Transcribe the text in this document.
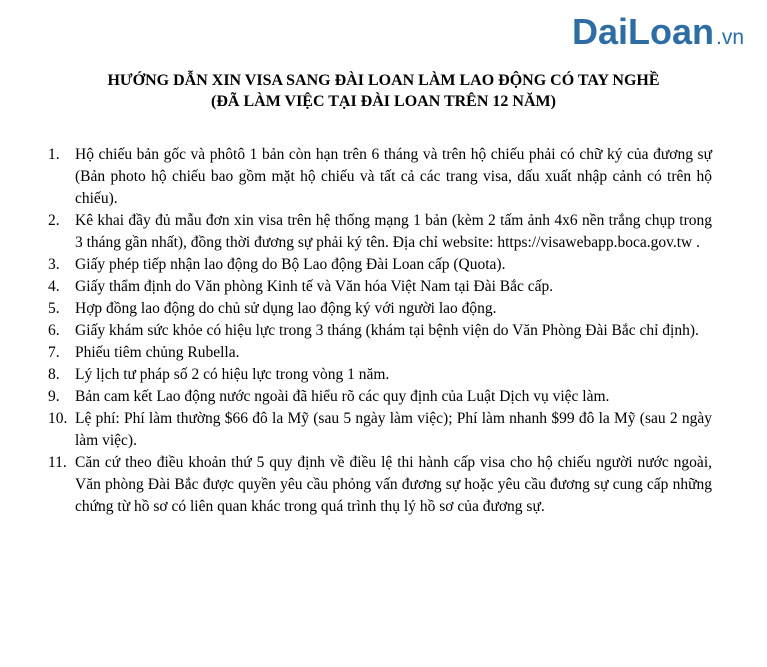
DaiLoan.vn
HƯỚNG DẪN XIN VISA SANG ĐÀI LOAN LÀM LAO ĐỘNG CÓ TAY NGHỀ
(ĐÃ LÀM VIỆC TẠI ĐÀI LOAN TRÊN 12 NĂM)
1. Hộ chiếu bản gốc và phôtô 1 bản còn hạn trên 6 tháng và trên hộ chiếu phải có chữ ký của đương sự (Bản photo hộ chiếu bao gồm mặt hộ chiếu và tất cả các trang visa, dấu xuất nhập cảnh có trên hộ chiếu).
2. Kê khai đầy đủ mẫu đơn xin visa trên hệ thống mạng 1 bản (kèm 2 tấm ảnh 4x6 nền trắng chụp trong 3 tháng gần nhất), đồng thời đương sự phải ký tên. Địa chỉ website: https://visawebapp.boca.gov.tw .
3. Giấy phép tiếp nhận lao động do Bộ Lao động Đài Loan cấp (Quota).
4. Giấy thẩm định do Văn phòng Kinh tế và Văn hóa Việt Nam tại Đài Bắc cấp.
5. Hợp đồng lao động do chủ sử dụng lao động ký với người lao động.
6. Giấy khám sức khỏe có hiệu lực trong 3 tháng (khám tại bệnh viện do Văn Phòng Đài Bắc chỉ định).
7. Phiếu tiêm chủng Rubella.
8. Lý lịch tư pháp số 2 có hiệu lực trong vòng 1 năm.
9. Bản cam kết Lao động nước ngoài đã hiểu rõ các quy định của Luật Dịch vụ việc làm.
10. Lệ phí: Phí làm thường $66 đô la Mỹ (sau 5 ngày làm việc); Phí làm nhanh $99 đô la Mỹ (sau 2 ngày làm việc).
11. Căn cứ theo điều khoản thứ 5 quy định về điều lệ thi hành cấp visa cho hộ chiếu người nước ngoài, Văn phòng Đài Bắc được quyền yêu cầu phỏng vấn đương sự hoặc yêu cầu đương sự cung cấp những chứng từ hồ sơ có liên quan khác trong quá trình thụ lý hồ sơ của đương sự.
